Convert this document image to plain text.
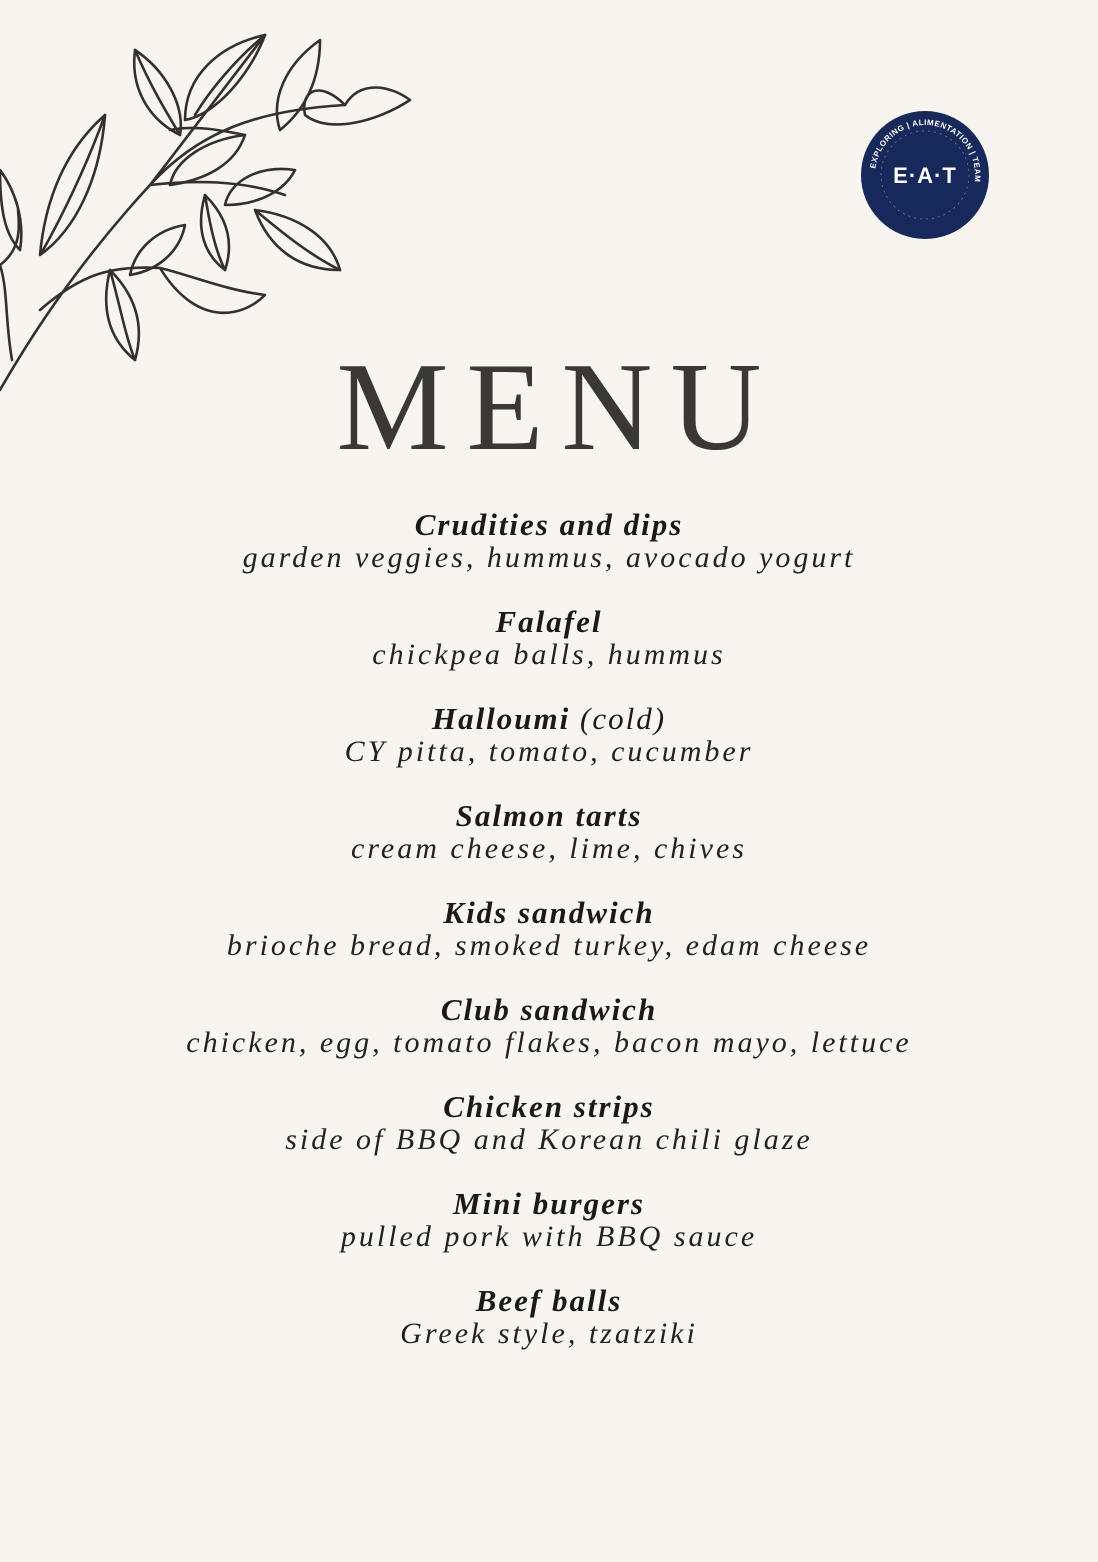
EXPLORING | ALIMENTATION | TEAM
E·A·T
MENU
Crudities and dips
garden veggies, hummus, avocado yogurt
Falafel
chickpea balls, hummus
Halloumi (cold)
CY pitta, tomato, cucumber
Salmon tarts
cream cheese, lime, chives
Kids sandwich
brioche bread, smoked turkey, edam cheese
Club sandwich
chicken, egg, tomato flakes, bacon mayo, lettuce
Chicken strips
side of BBQ and Korean chili glaze
Mini burgers
pulled pork with BBQ sauce
Beef balls
Greek style, tzatziki
